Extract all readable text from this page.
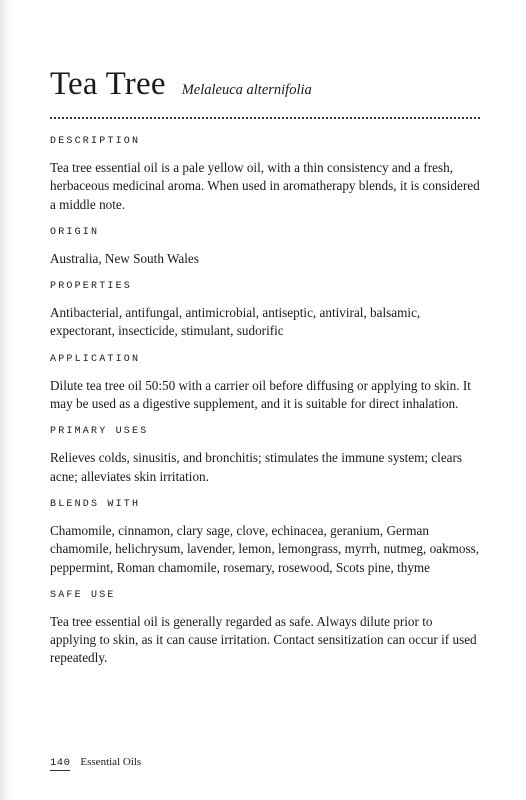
Tea Tree Melaleuca alternifolia
DESCRIPTION

Tea tree essential oil is a pale yellow oil, with a thin consistency and a fresh, herbaceous medicinal aroma. When used in aromatherapy blends, it is considered a middle note.

ORIGIN

Australia, New South Wales

PROPERTIES

Antibacterial, antifungal, antimicrobial, antiseptic, antiviral, balsamic, expectorant, insecticide, stimulant, sudorific

APPLICATION

Dilute tea tree oil 50:50 with a carrier oil before diffusing or applying to skin. It may be used as a digestive supplement, and it is suitable for direct inhalation.

PRIMARY USES

Relieves colds, sinusitis, and bronchitis; stimulates the immune system; clears acne; alleviates skin irritation.

BLENDS WITH

Chamomile, cinnamon, clary sage, clove, echinacea, geranium, German chamomile, helichrysum, lavender, lemon, lemongrass, myrrh, nutmeg, oakmoss, peppermint, Roman chamomile, rosemary, rosewood, Scots pine, thyme

SAFE USE

Tea tree essential oil is generally regarded as safe. Always dilute prior to applying to skin, as it can cause irritation. Contact sensitization can occur if used repeatedly.

140 Essential Oils
